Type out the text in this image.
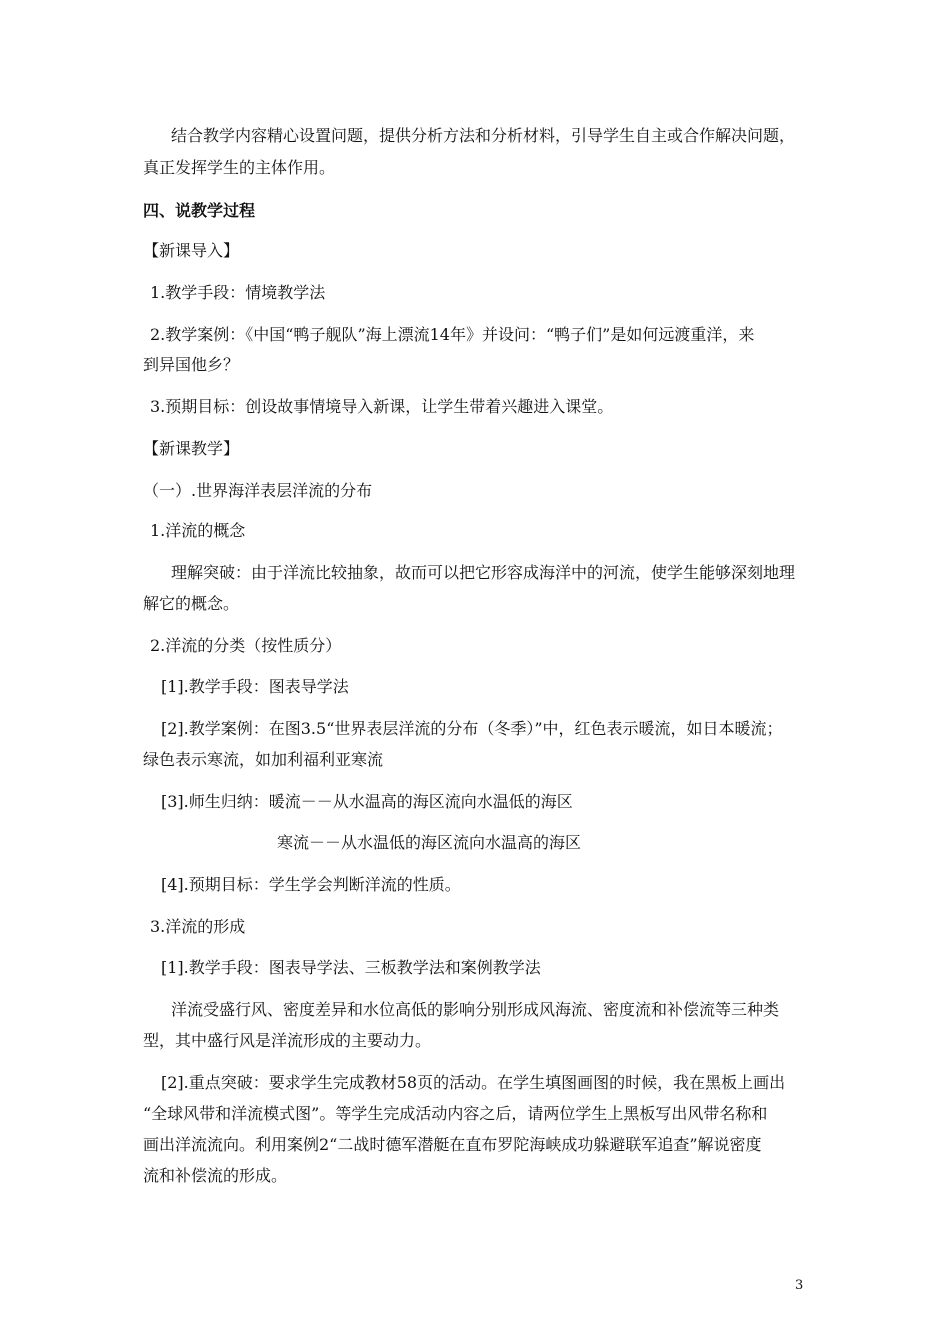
结合教学内容精心设置问题，提供分析方法和分析材料，引导学生自主或合作解决问题，
真正发挥学生的主体作用。
四、说教学过程
【新课导入】
1.教学手段：情境教学法
2.教学案例：《中国“鸭子舰队”海上漂流14年》并设问：“鸭子们”是如何远渡重洋，来
到异国他乡？
3.预期目标：创设故事情境导入新课，让学生带着兴趣进入课堂。
【新课教学】
（一）.世界海洋表层洋流的分布
1.洋流的概念
理解突破：由于洋流比较抽象，故而可以把它形容成海洋中的河流，使学生能够深刻地理
解它的概念。
2.洋流的分类（按性质分）
[1].教学手段：图表导学法
[2].教学案例：在图3.5“世界表层洋流的分布（冬季）”中，红色表示暖流，如日本暖流；
绿色表示寒流，如加利福利亚寒流
[3].师生归纳：暖流－－从水温高的海区流向水温低的海区
寒流－－从水温低的海区流向水温高的海区
[4].预期目标：学生学会判断洋流的性质。
3.洋流的形成
[1].教学手段：图表导学法、三板教学法和案例教学法
洋流受盛行风、密度差异和水位高低的影响分别形成风海流、密度流和补偿流等三种类
型，其中盛行风是洋流形成的主要动力。
[2].重点突破：要求学生完成教材58页的活动。在学生填图画图的时候，我在黑板上画出
“全球风带和洋流模式图”。等学生完成活动内容之后，请两位学生上黑板写出风带名称和
画出洋流流向。利用案例2“二战时德军潜艇在直布罗陀海峡成功躲避联军追查”解说密度
流和补偿流的形成。
3
